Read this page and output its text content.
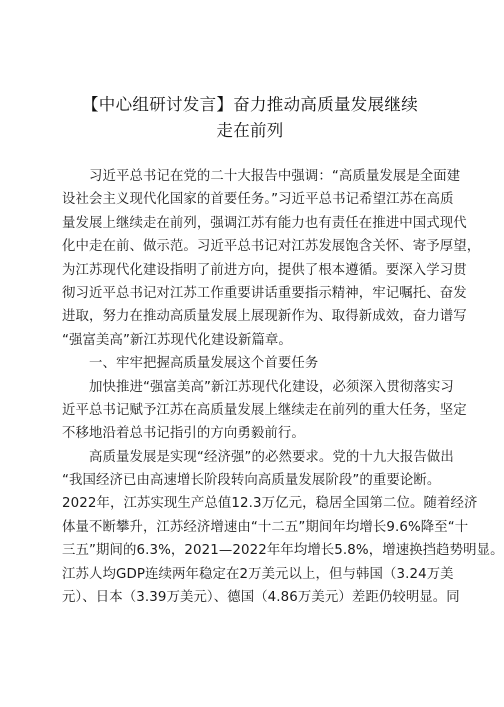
【中心组研讨发言】奋力推动高质量发展继续
走在前列
习近平总书记在党的二十大报告中强调：“高质量发展是全面建
设社会主义现代化国家的首要任务。”习近平总书记希望江苏在高质
量发展上继续走在前列，强调江苏有能力也有责任在推进中国式现代
化中走在前、做示范。习近平总书记对江苏发展饱含关怀、寄予厚望，
为江苏现代化建设指明了前进方向，提供了根本遵循。要深入学习贯
彻习近平总书记对江苏工作重要讲话重要指示精神，牢记嘱托、奋发
进取，努力在推动高质量发展上展现新作为、取得新成效，奋力谱写
“强富美高”新江苏现代化建设新篇章。
一、牢牢把握高质量发展这个首要任务
加快推进“强富美高”新江苏现代化建设，必须深入贯彻落实习
近平总书记赋予江苏在高质量发展上继续走在前列的重大任务，坚定
不移地沿着总书记指引的方向勇毅前行。
高质量发展是实现“经济强”的必然要求。党的十九大报告做出
“我国经济已由高速增长阶段转向高质量发展阶段”的重要论断。
2022年，江苏实现生产总值12.3万亿元，稳居全国第二位。随着经济
体量不断攀升，江苏经济增速由“十二五”期间年均增长9.6%降至“十
三五”期间的6.3%，2021—2022年年均增长5.8%，增速换挡趋势明显。
江苏人均GDP连续两年稳定在2万美元以上，但与韩国（3.24万美
元）、日本（3.39万美元）、德国（4.86万美元）差距仍较明显。同
